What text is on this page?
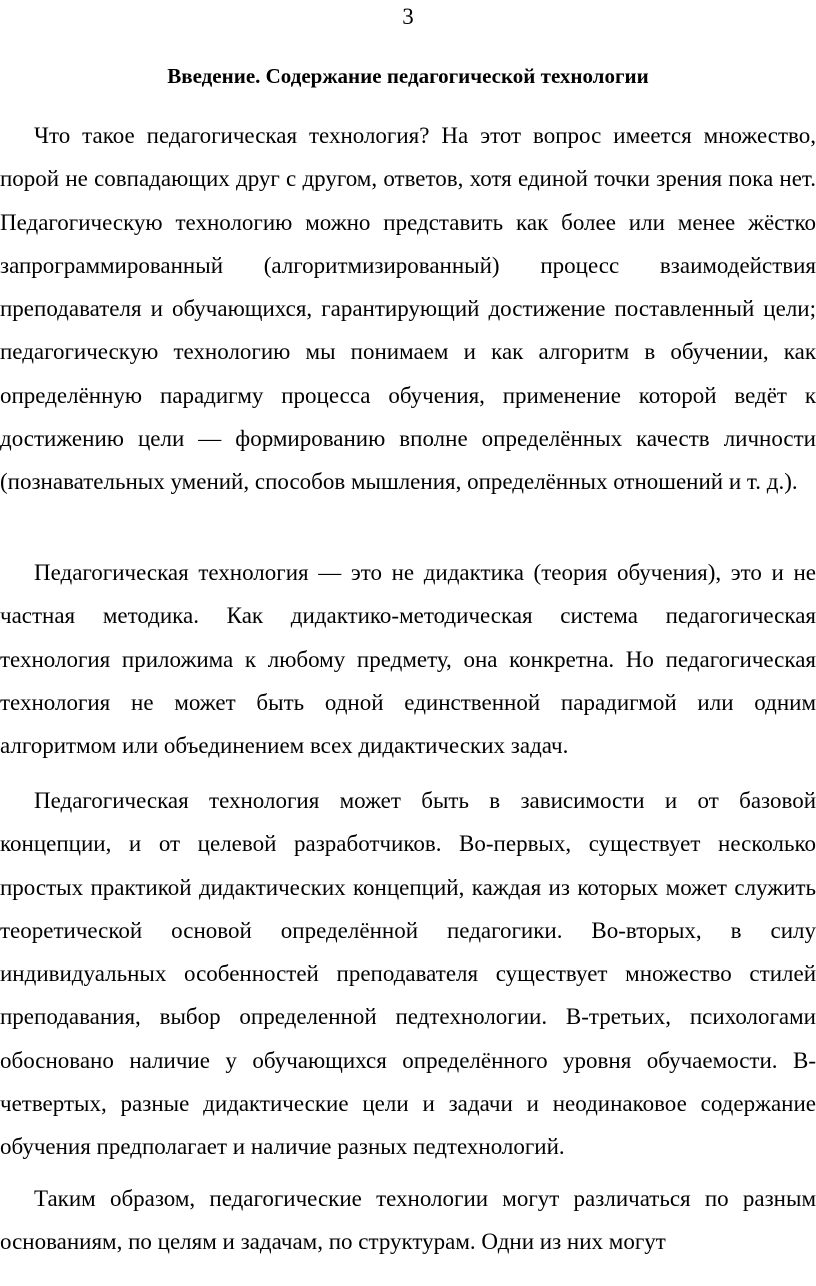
3
Введение. Содержание педагогической технологии

Что такое педагогическая технология? На этот вопрос имеется множество, порой не совпадающих друг с другом, ответов, хотя единой точки зрения пока нет. Педагогическую технологию можно представить как более или менее жёстко запрограммированный (алгоритмизированный) процесс взаимодействия преподавателя и обучающихся, гарантирующий достижение поставленный цели; педагогическую технологию мы понимаем и как алгоритм в обучении, как определённую парадигму процесса обучения, применение которой ведёт к достижению цели — формированию вполне определённых качеств личности (познавательных умений, способов мышления, определённых отношений и т. д.).

Педагогическая технология — это не дидактика (теория обучения), это и не частная методика. Как дидактико-методическая система педагогическая технология приложима к любому предмету, она конкретна. Но педагогическая технология не может быть одной единственной парадигмой или одним алгоритмом или объединением всех дидактических задач.

Педагогическая технология может быть в зависимости и от базовой концепции, и от целевой разработчиков. Во-первых, существует несколько простых практикой дидактических концепций, каждая из которых может служить теоретической основой определённой педагогики. Во-вторых, в силу индивидуальных особенностей преподавателя существует множество стилей преподавания, выбор определенной педтехнологии. В-третьих, психологами обосновано наличие у обучающихся определённого уровня обучаемости. В-четвертых, разные дидактические цели и задачи и неодинаковое содержание обучения предполагает и наличие разных педтехнологий.

Таким образом, педагогические технологии могут различаться по разным основаниям, по целям и задачам, по структурам. Одни из них могут
